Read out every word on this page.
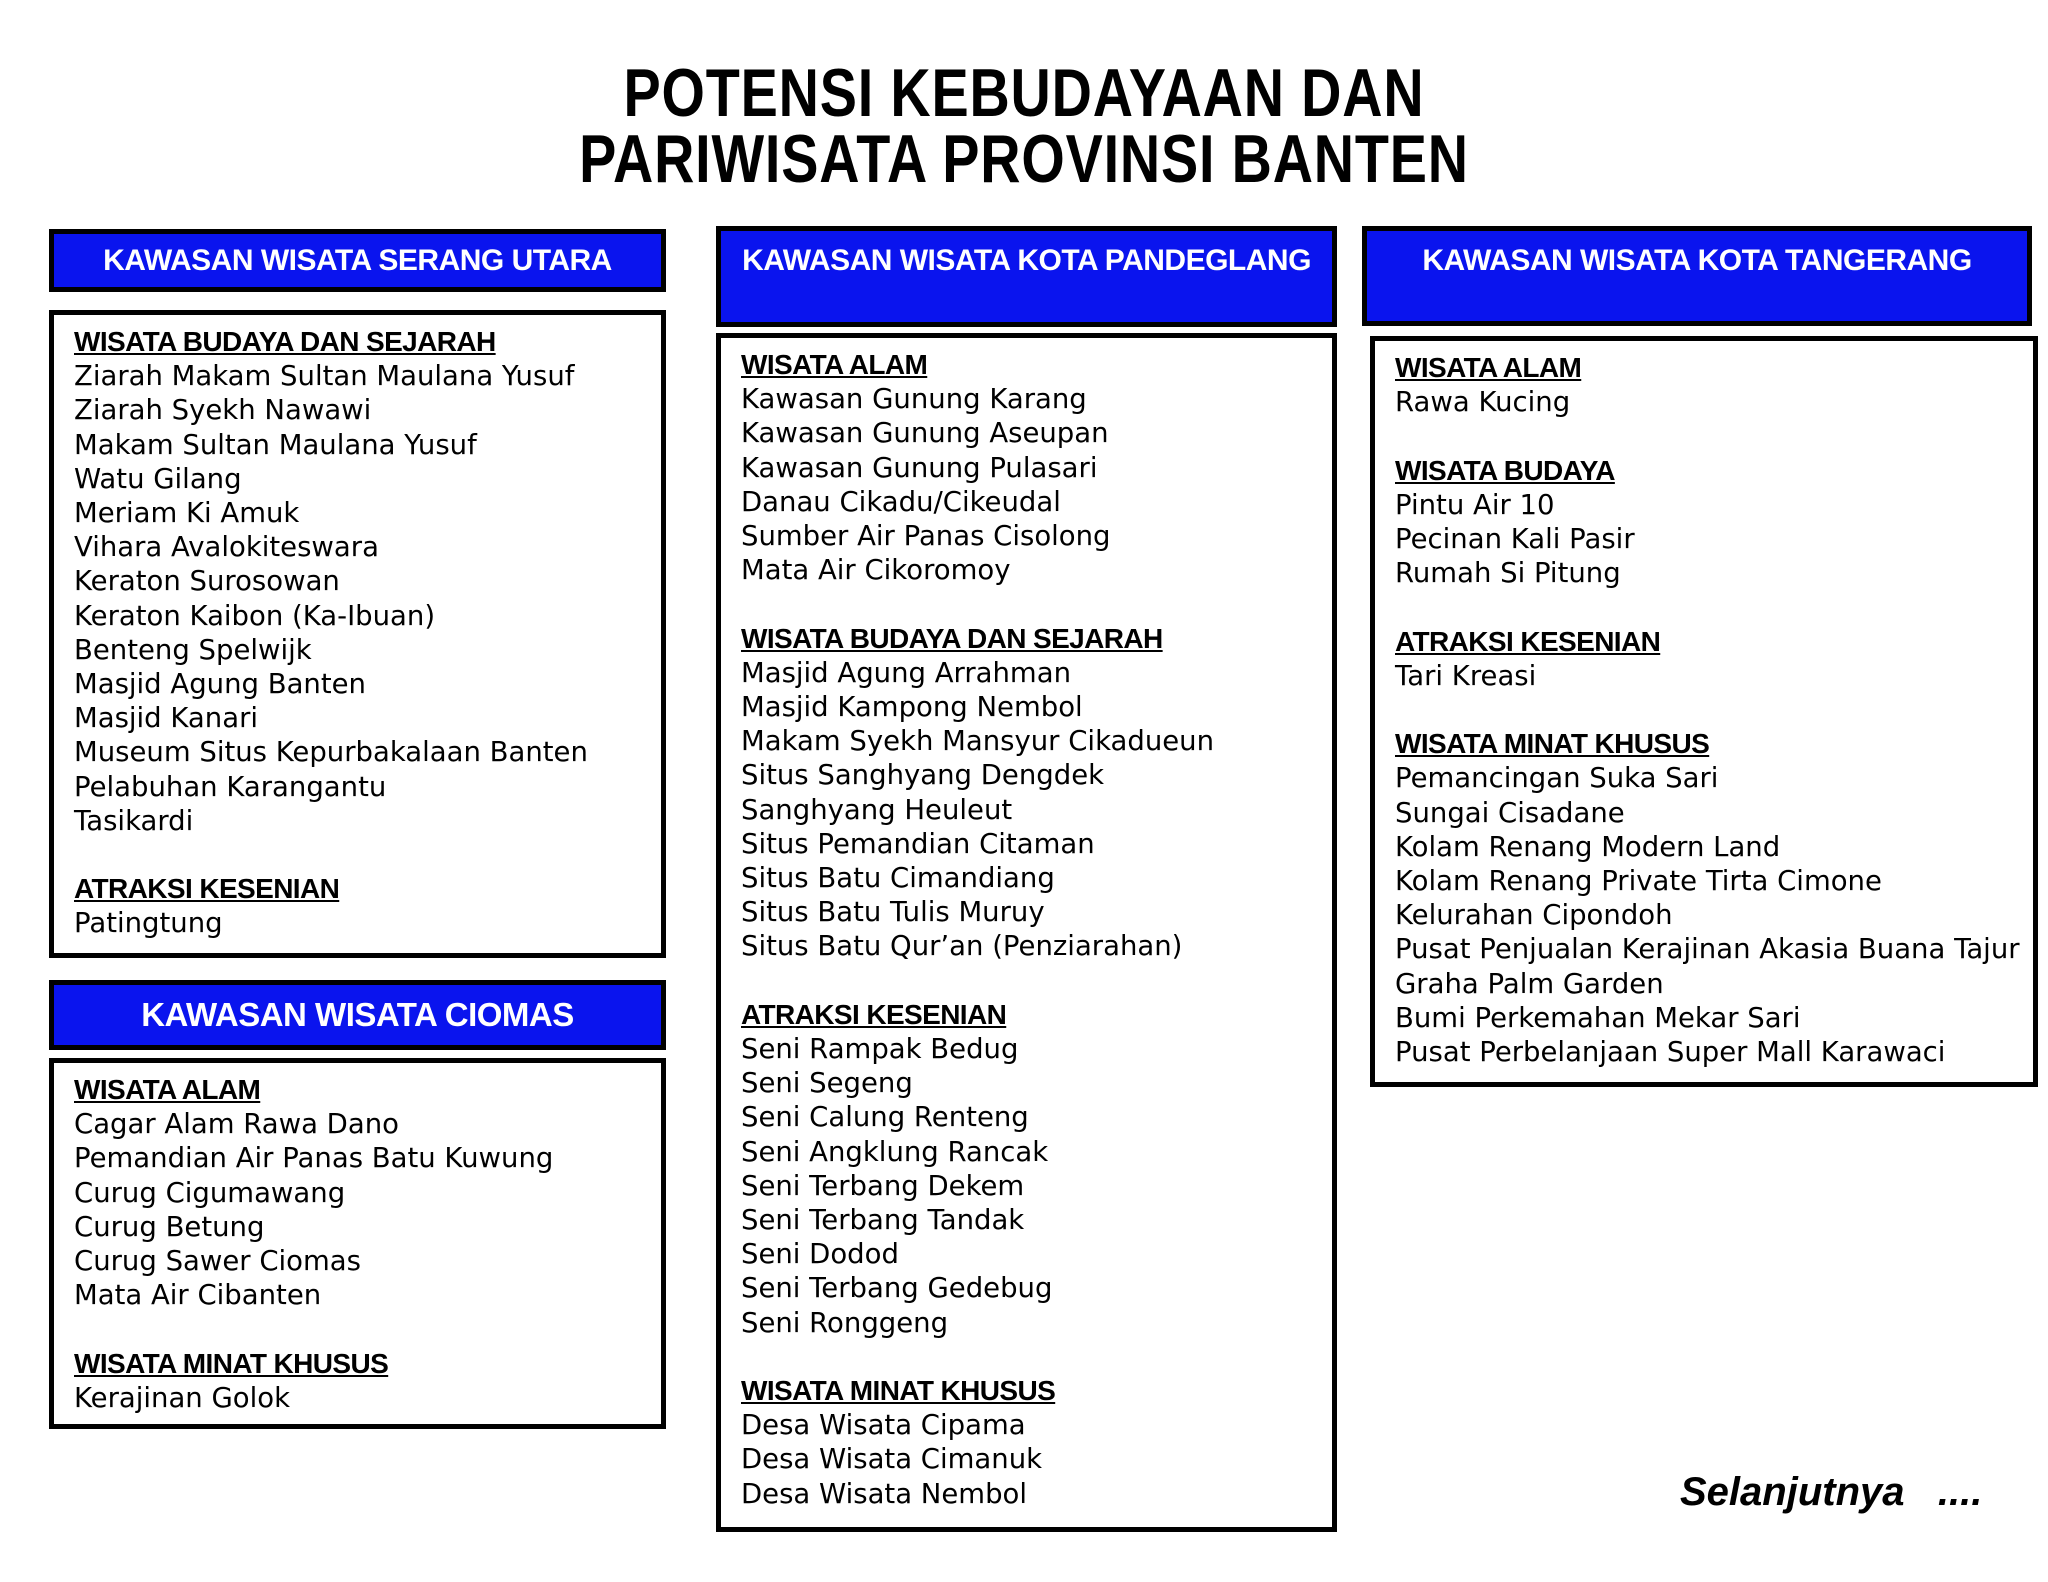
POTENSI KEBUDAYAAN DAN
PARIWISATA PROVINSI BANTEN
KAWASAN WISATA SERANG UTARA
WISATA BUDAYA DAN SEJARAH
Ziarah Makam Sultan Maulana Yusuf
Ziarah Syekh Nawawi
Makam Sultan Maulana Yusuf
Watu Gilang
Meriam Ki Amuk
Vihara Avalokiteswara
Keraton Surosowan
Keraton Kaibon (Ka-Ibuan)
Benteng Spelwijk
Masjid Agung Banten
Masjid Kanari
Museum Situs Kepurbakalaan Banten
Pelabuhan Karangantu
Tasikardi
ATRAKSI KESENIAN
Patingtung
KAWASAN WISATA CIOMAS
WISATA ALAM
Cagar Alam Rawa Dano
Pemandian Air Panas Batu Kuwung
Curug Cigumawang
Curug Betung
Curug Sawer Ciomas
Mata Air Cibanten
WISATA MINAT KHUSUS
Kerajinan Golok
KAWASAN WISATA KOTA PANDEGLANG
WISATA ALAM
Kawasan Gunung Karang
Kawasan Gunung Aseupan
Kawasan Gunung Pulasari
Danau Cikadu/Cikeudal
Sumber Air Panas Cisolong
Mata Air Cikoromoy
WISATA BUDAYA DAN SEJARAH
Masjid Agung Arrahman
Masjid Kampong Nembol
Makam Syekh Mansyur Cikadueun
Situs Sanghyang Dengdek
Sanghyang Heuleut
Situs Pemandian Citaman
Situs Batu Cimandiang
Situs Batu Tulis Muruy
Situs Batu Qur’an (Penziarahan)
ATRAKSI KESENIAN
Seni Rampak Bedug
Seni Segeng
Seni Calung Renteng
Seni Angklung Rancak
Seni Terbang Dekem
Seni Terbang Tandak
Seni Dodod
Seni Terbang Gedebug
Seni Ronggeng
WISATA MINAT KHUSUS
Desa Wisata Cipama
Desa Wisata Cimanuk
Desa Wisata Nembol
KAWASAN WISATA KOTA TANGERANG
WISATA ALAM
Rawa Kucing
WISATA BUDAYA
Pintu Air 10
Pecinan Kali Pasir
Rumah Si Pitung
ATRAKSI KESENIAN
Tari Kreasi
WISATA MINAT KHUSUS
Pemancingan Suka Sari
Sungai Cisadane
Kolam Renang Modern Land
Kolam Renang Private Tirta Cimone
Kelurahan Cipondoh
Pusat Penjualan Kerajinan Akasia Buana Tajur
Graha Palm Garden
Bumi Perkemahan Mekar Sari
Pusat Perbelanjaan Super Mall Karawaci
Selanjutnya ....
